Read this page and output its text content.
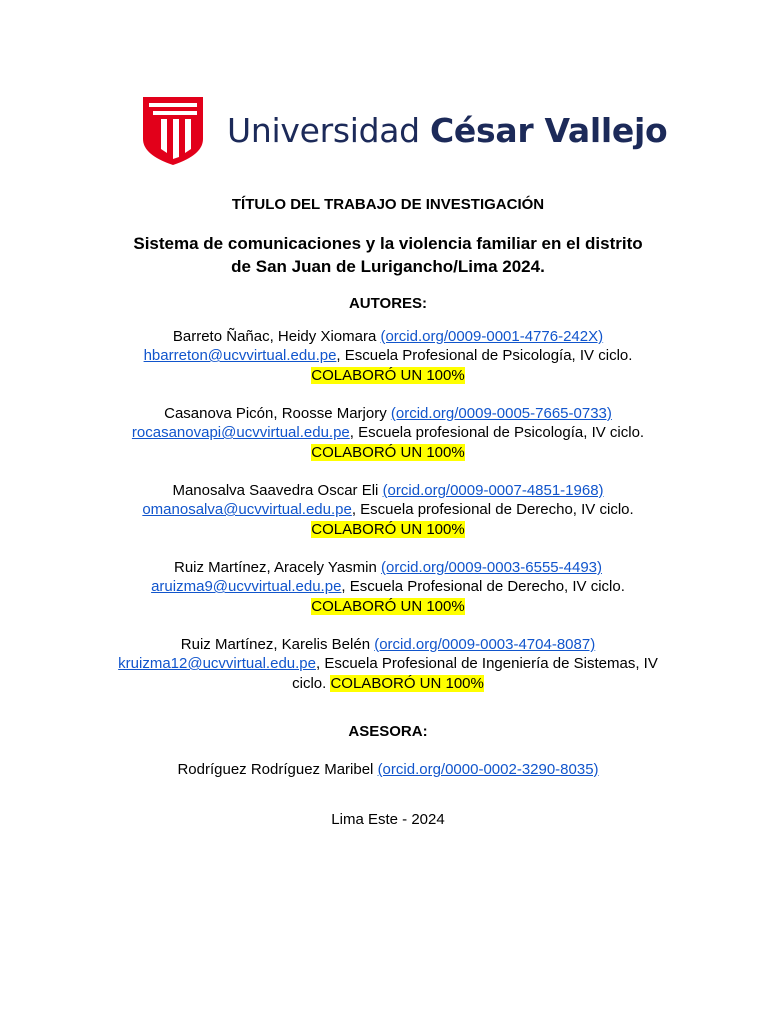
Universidad César Vallejo
TÍTULO DEL TRABAJO DE INVESTIGACIÓN
Sistema de comunicaciones y la violencia familiar en el distrito
de San Juan de Lurigancho/Lima 2024.
AUTORES:
Barreto Ñañac, Heidy Xiomara (orcid.org/0009-0001-4776-242X)
hbarreton@ucvvirtual.edu.pe, Escuela Profesional de Psicología, IV ciclo.
COLABORÓ UN 100%
Casanova Picón, Roosse Marjory (orcid.org/0009-0005-7665-0733)
rocasanovapi@ucvvirtual.edu.pe, Escuela profesional de Psicología, IV ciclo.
COLABORÓ UN 100%
Manosalva Saavedra Oscar Eli (orcid.org/0009-0007-4851-1968)
omanosalva@ucvvirtual.edu.pe, Escuela profesional de Derecho, IV ciclo.
COLABORÓ UN 100%
Ruiz Martínez, Aracely Yasmin (orcid.org/0009-0003-6555-4493)
aruizma9@ucvvirtual.edu.pe, Escuela Profesional de Derecho, IV ciclo.
COLABORÓ UN 100%
Ruiz Martínez, Karelis Belén (orcid.org/0009-0003-4704-8087)
kruizma12@ucvvirtual.edu.pe, Escuela Profesional de Ingeniería de Sistemas, IV
ciclo. COLABORÓ UN 100%
ASESORA:
Rodríguez Rodríguez Maribel (orcid.org/0000-0002-3290-8035)
Lima Este - 2024
